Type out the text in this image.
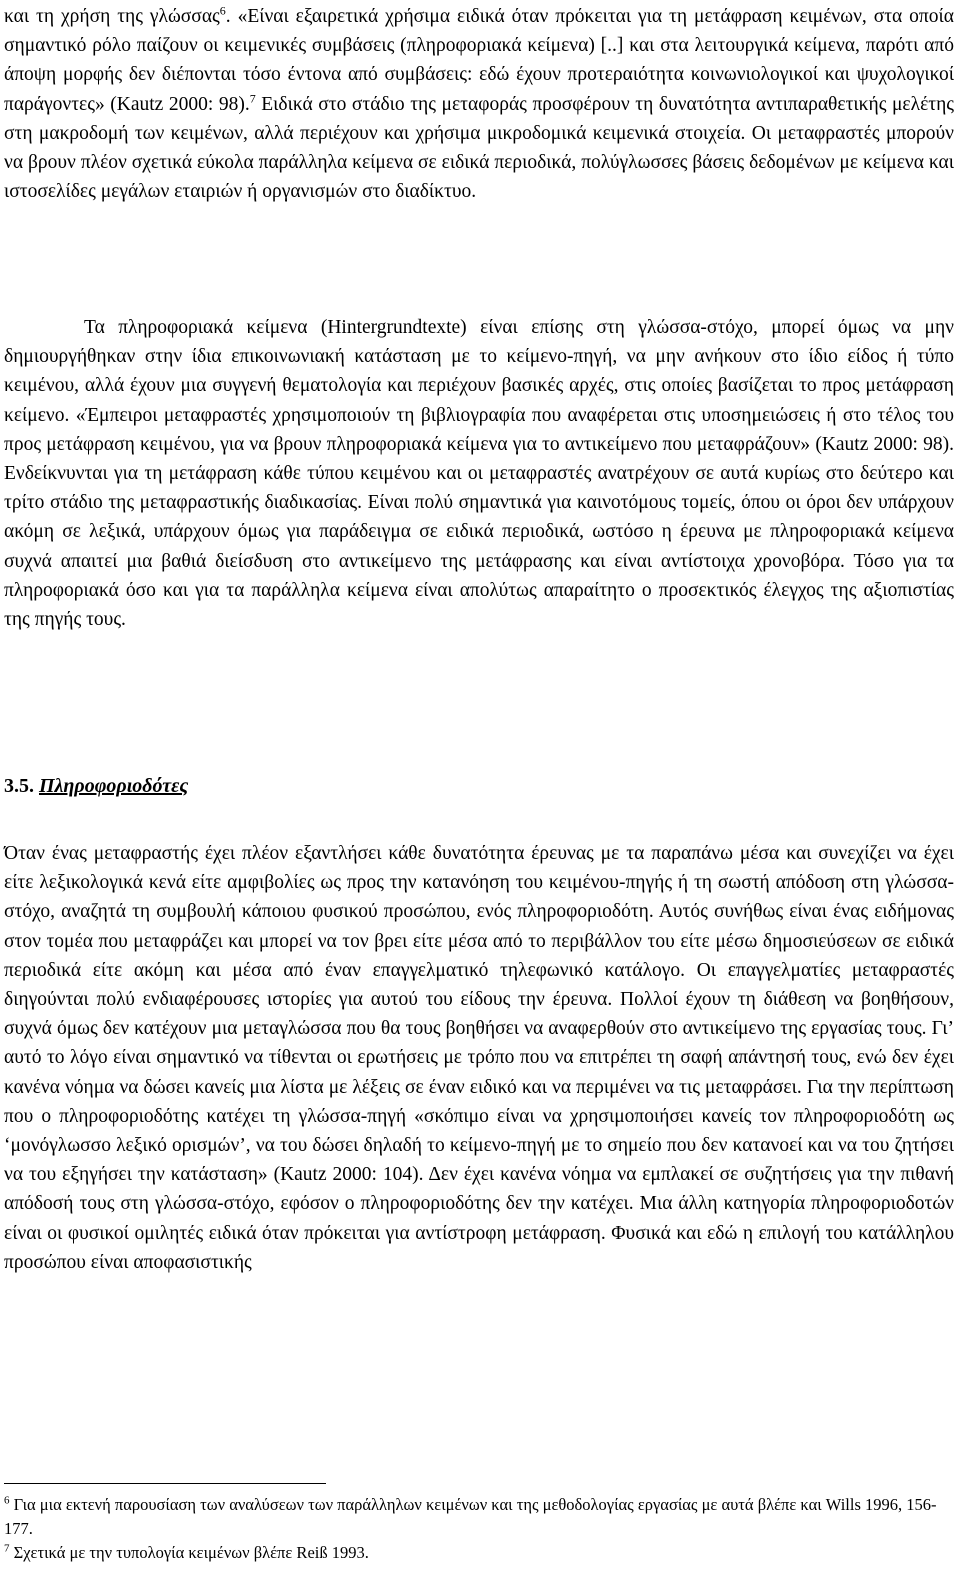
και τη χρήση της γλώσσας$^6$. «Είναι εξαιρετικά χρήσιμα ειδικά όταν πρόκειται για τη μετάφραση κειμένων, στα οποία σημαντικό ρόλο παίζουν οι κειμενικές συμβάσεις (πληροφοριακά κείμενα) [..] και στα λειτουργικά κείμενα, παρότι από άποψη μορφής δεν διέπονται τόσο έντονα από συμβάσεις: εδώ έχουν προτεραιότητα κοινωνιολογικοί και ψυχολογικοί παράγοντες» (Kautz 2000: 98).$^7$ Ειδικά στο στάδιο της μεταφοράς προσφέρουν τη δυνατότητα αντιπαραθετικής μελέτης στη μακροδομή των κειμένων, αλλά περιέχουν και χρήσιμα μικροδομικά κειμενικά στοιχεία. Οι μεταφραστές μπορούν να βρουν πλέον σχετικά εύκολα παράλληλα κείμενα σε ειδικά περιοδικά, πολύγλωσσες βάσεις δεδομένων με κείμενα και ιστοσελίδες μεγάλων εταιριών ή οργανισμών στο διαδίκτυο.

Τα πληροφοριακά κείμενα (Hintergrundtexte) είναι επίσης στη γλώσσα-στόχο, μπορεί όμως να μην δημιουργήθηκαν στην ίδια επικοινωνιακή κατάσταση με το κείμενο-πηγή, να μην ανήκουν στο ίδιο είδος ή τύπο κειμένου, αλλά έχουν μια συγγενή θεματολογία και περιέχουν βασικές αρχές, στις οποίες βασίζεται το προς μετάφραση κείμενο. «Έμπειροι μεταφραστές χρησιμοποιούν τη βιβλιογραφία που αναφέρεται στις υποσημειώσεις ή στο τέλος του προς μετάφραση κειμένου, για να βρουν πληροφοριακά κείμενα για το αντικείμενο που μεταφράζουν» (Kautz 2000: 98). Ενδείκνυνται για τη μετάφραση κάθε τύπου κειμένου και οι μεταφραστές ανατρέχουν σε αυτά κυρίως στο δεύτερο και τρίτο στάδιο της μεταφραστικής διαδικασίας. Είναι πολύ σημαντικά για καινοτόμους τομείς, όπου οι όροι δεν υπάρχουν ακόμη σε λεξικά, υπάρχουν όμως για παράδειγμα σε ειδικά περιοδικά, ωστόσο η έρευνα με πληροφοριακά κείμενα συχνά απαιτεί μια βαθιά διείσδυση στο αντικείμενο της μετάφρασης και είναι αντίστοιχα χρονοβόρα. Τόσο για τα πληροφοριακά όσο και για τα παράλληλα κείμενα είναι απολύτως απαραίτητο ο προσεκτικός έλεγχος της αξιοπιστίας της πηγής τους.

3.5. Πληροφοριοδότες

Όταν ένας μεταφραστής έχει πλέον εξαντλήσει κάθε δυνατότητα έρευνας με τα παραπάνω μέσα και συνεχίζει να έχει είτε λεξικολογικά κενά είτε αμφιβολίες ως προς την κατανόηση του κειμένου-πηγής ή τη σωστή απόδοση στη γλώσσα-στόχο, αναζητά τη συμβουλή κάποιου φυσικού προσώπου, ενός πληροφοριοδότη. Αυτός συνήθως είναι ένας ειδήμονας στον τομέα που μεταφράζει και μπορεί να τον βρει είτε μέσα από το περιβάλλον του είτε μέσω δημοσιεύσεων σε ειδικά περιοδικά είτε ακόμη και μέσα από έναν επαγγελματικό τηλεφωνικό κατάλογο. Οι επαγγελματίες μεταφραστές διηγούνται πολύ ενδιαφέρουσες ιστορίες για αυτού του είδους την έρευνα. Πολλοί έχουν τη διάθεση να βοηθήσουν, συχνά όμως δεν κατέχουν μια μεταγλώσσα που θα τους βοηθήσει να αναφερθούν στο αντικείμενο της εργασίας τους. Γι’ αυτό το λόγο είναι σημαντικό να τίθενται οι ερωτήσεις με τρόπο που να επιτρέπει τη σαφή απάντησή τους, ενώ δεν έχει κανένα νόημα να δώσει κανείς μια λίστα με λέξεις σε έναν ειδικό και να περιμένει να τις μεταφράσει. Για την περίπτωση που ο πληροφοριοδότης κατέχει τη γλώσσα-πηγή «σκόπιμο είναι να χρησιμοποιήσει κανείς τον πληροφοριοδότη ως ‘μονόγλωσσο λεξικό ορισμών’, να του δώσει δηλαδή το κείμενο-πηγή με το σημείο που δεν κατανοεί και να του ζητήσει να του εξηγήσει την κατάσταση» (Kautz 2000: 104). Δεν έχει κανένα νόημα να εμπλακεί σε συζητήσεις για την πιθανή απόδοσή τους στη γλώσσα-στόχο, εφόσον ο πληροφοριοδότης δεν την κατέχει. Μια άλλη κατηγορία πληροφοριοδοτών είναι οι φυσικοί ομιλητές ειδικά όταν πρόκειται για αντίστροφη μετάφραση. Φυσικά και εδώ η επιλογή του κατάλληλου προσώπου είναι αποφασιστικής

$^6$ Για μια εκτενή παρουσίαση των αναλύσεων των παράλληλων κειμένων και της μεθοδολογίας εργασίας με αυτά βλέπε και Wills 1996, 156-177.

$^7$ Σχετικά με την τυπολογία κειμένων βλέπε Reiß 1993.
